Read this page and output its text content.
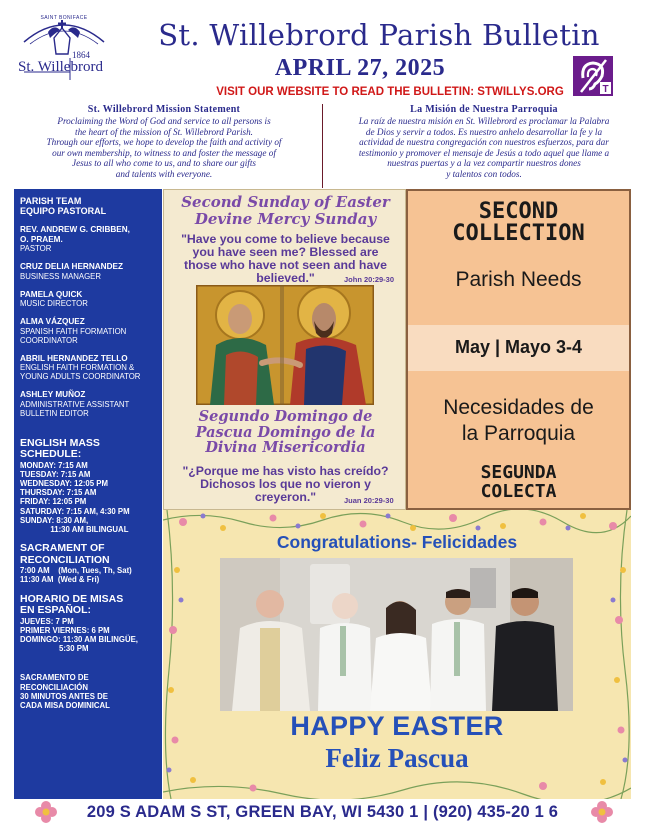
SAINT BONIFACE
St. Willebrord
1864
St. Willebrord Parish Bulletin
APRIL 27, 2025
VISIT OUR WEBSITE TO READ THE BULLETIN: STWILLYS.ORG	T
St. Willebrord Mission Statement

Proclaiming the Word of God and service to all persons is

the heart of the mission of St. Willebrord Parish.

Through our efforts, we hope to develop the faith and activity of

our own membership, to witness to and foster the message of

Jesus to all who come to us, and to share our gifts

and talents with everyone.

La Misión de Nuestra Parroquia

La raíz de nuestra misión en St. Willebrord es proclamar la Palabra

de Dios y servir a todos. Es nuestro anhelo desarrollar la fe y la

actividad de nuestra congregación con nuestros esfuerzos, para dar

testimonio y promover el mensaje de Jesús a todo aquel que llame a

nuestras puertas y a la vez compartir nuestros dones

y talentos con todos.

PARISH TEAM
EQUIPO PASTORAL
REV. ANDREW G. CRIBBEN,
O. PRAEM.
PASTOR
CRUZ DELIA HERNANDEZ
BUSINESS MANAGER
PAMELA QUICK
MUSIC DIRECTOR
ALMA VÁZQUEZ
SPANISH FAITH FORMATION
COORDINATOR
ABRIL HERNANDEZ TELLO
ENGLISH FAITH FORMATION &
YOUNG ADULTS COORDINATOR
ASHLEY MUÑOZ
ADMINISTRATIVE ASSISTANT
BULLETIN EDITOR
ENGLISH MASS
SCHEDULE:
MONDAY: 7:15 AM
TUESDAY: 7:15 AM
WEDNESDAY: 12:05 PM
THURSDAY: 7:15 AM
FRIDAY: 12:05 PM
SATURDAY: 7:15 AM, 4:30 PM
SUNDAY: 8:30 AM,
11:30 AM BILINGUAL
SACRAMENT OF
RECONCILIATION
7:00 AM    (Mon, Tues, Th, Sat)
11:30 AM  (Wed & Fri)
HORARIO DE MISAS
EN ESPAÑOL:
JUEVES: 7 PM
PRIMER VIERNES: 6 PM
DOMINGO: 11:30 AM BILINGÜE,
5:30 PM
SACRAMENTO DE
RECONCILIACIÓN
30 MINUTOS ANTES DE
CADA MISA DOMINICAL
Second Sunday of Easter
Devine Mercy Sunday
"Have you come to believe because
you have seen me? Blessed are
those who have not seen and have
believed."	John 20:29-30
Segundo Domingo de
Pascua Domingo de la
Divina Misericordia
"¿Porque me has visto has creído?
Dichosos los que no vieron y
creyeron."	Juan 20:29-30
SECOND
COLLECTION
Parish Needs
May | Mayo 3-4
Necesidades de
la Parroquia
SEGUNDA
COLECTA
Congratulations- Felicidades
HAPPY EASTER
Feliz Pascua
209 S ADAM S ST, GREEN BAY, WI 5430 1 | (920) 435-20 1 6
